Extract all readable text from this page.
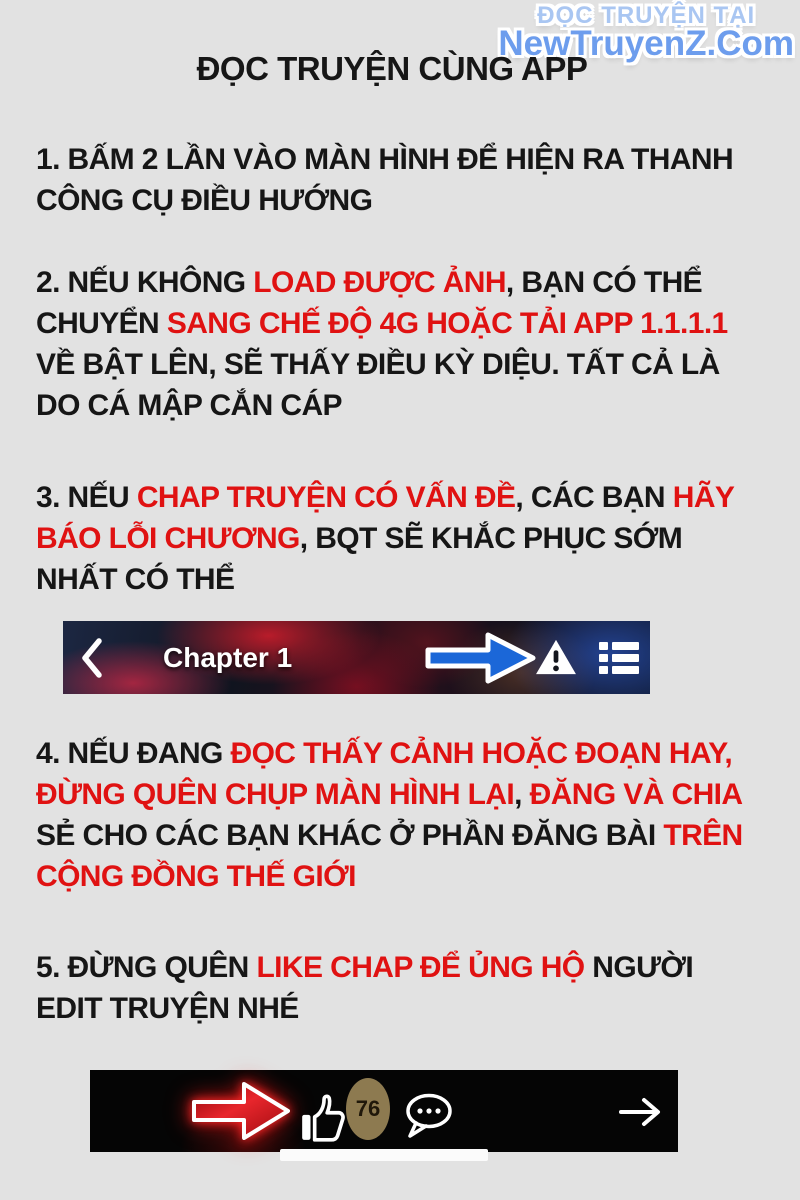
ĐỌC TRUYỆN TẠI
NewTruyenZ.Com
ĐỌC TRUYỆN CÙNG APP

1. BẤM 2 LẦN VÀO MÀN HÌNH ĐỂ HIỆN RA THANH CÔNG CỤ ĐIỀU HƯỚNG

2. NẾU KHÔNG LOAD ĐƯỢC ẢNH, BẠN CÓ THỂ CHUYỂN SANG CHẾ ĐỘ 4G HOẶC TẢI APP 1.1.1.1 VỀ BẬT LÊN, SẼ THẤY ĐIỀU KỲ DIỆU. TẤT CẢ LÀ DO CÁ MẬP CẮN CÁP

3. NẾU CHAP TRUYỆN CÓ VẤN ĐỀ, CÁC BẠN HÃY BÁO LỖI CHƯƠNG, BQT SẼ KHẮC PHỤC SỚM NHẤT CÓ THỂ

Chapter 1

4. NẾU ĐANG ĐỌC THẤY CẢNH HOẶC ĐOẠN HAY, ĐỪNG QUÊN CHỤP MÀN HÌNH LẠI, ĐĂNG VÀ CHIA SẺ CHO CÁC BẠN KHÁC Ở PHẦN ĐĂNG BÀI TRÊN CỘNG ĐỒNG THẾ GIỚI

5. ĐỪNG QUÊN LIKE CHAP ĐỂ ỦNG HỘ NGƯỜI EDIT TRUYỆN NHÉ

76
